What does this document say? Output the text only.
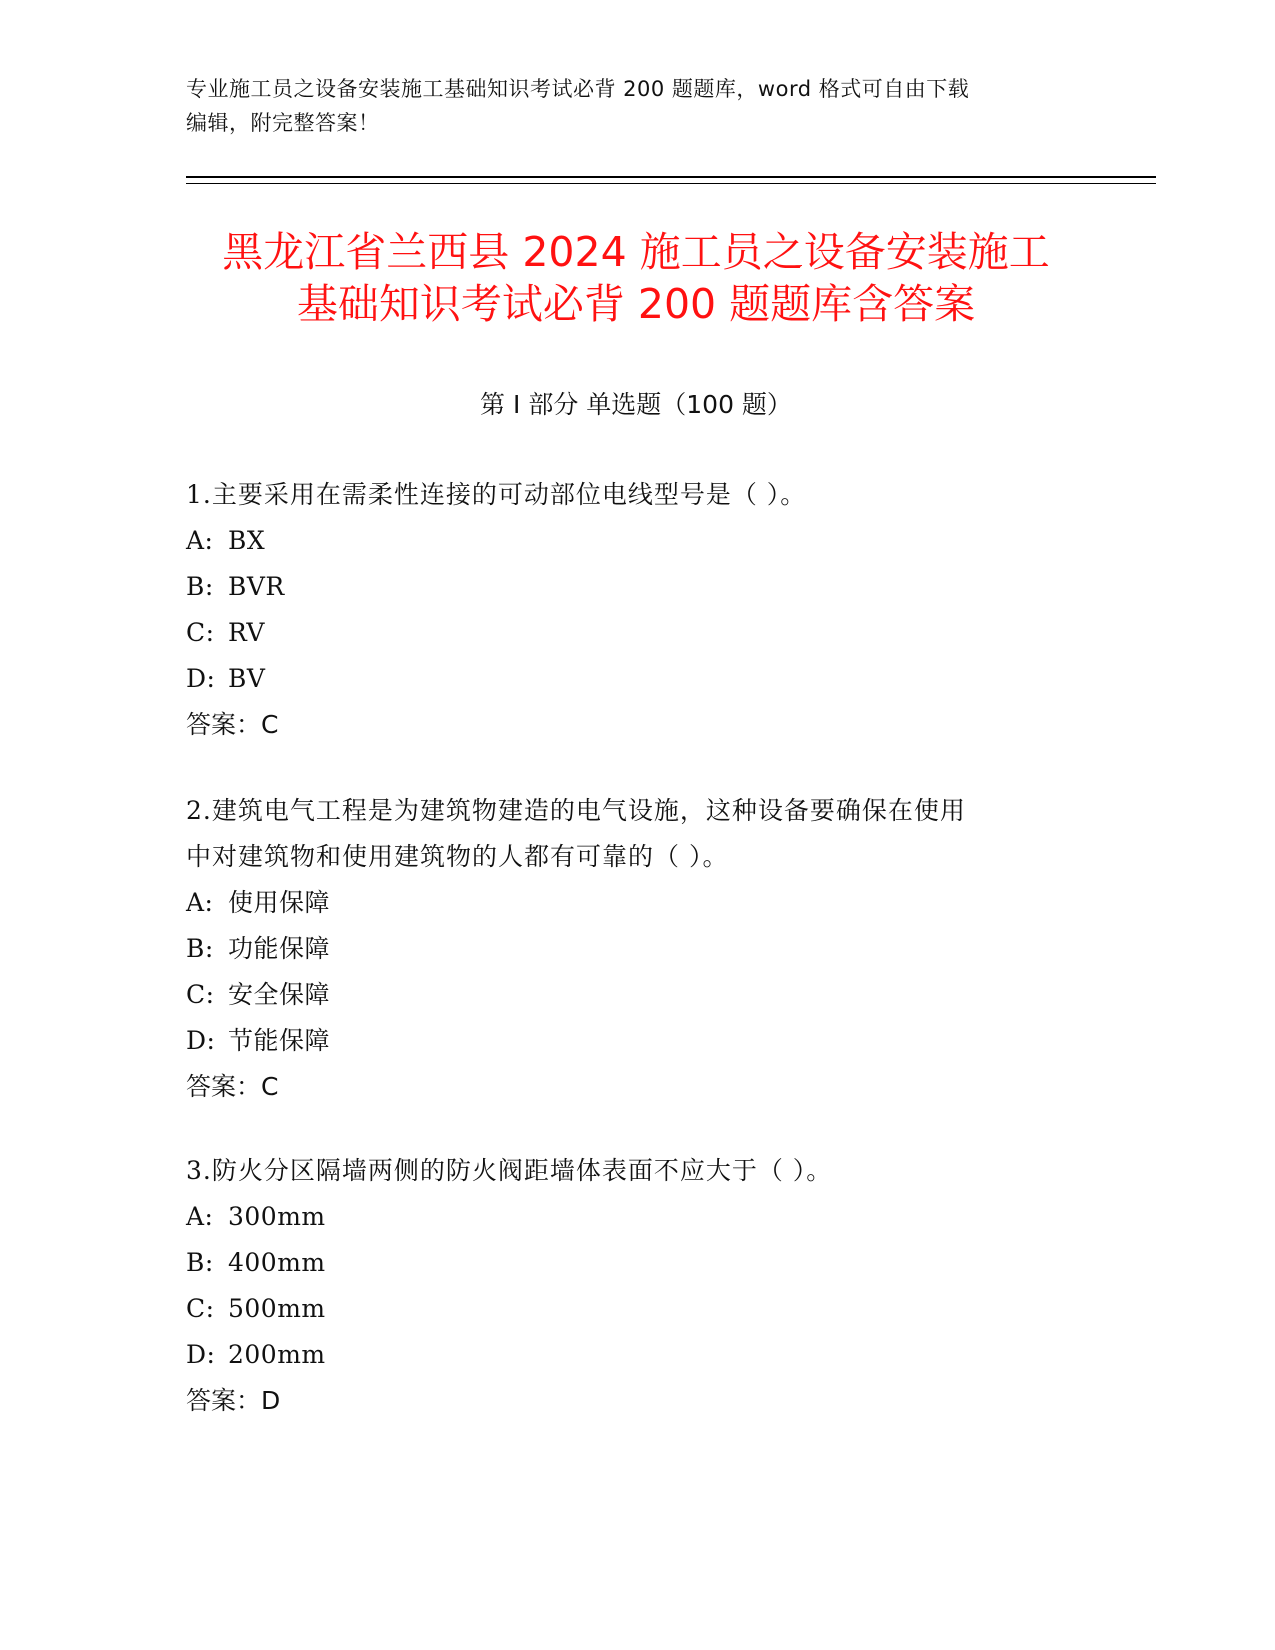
专业施工员之设备安装施工基础知识考试必背 200 题题库，word 格式可自由下载
编辑，附完整答案！
黑龙江省兰西县 2024 施工员之设备安装施工
基础知识考试必背 200 题题库含答案
第 I 部分 单选题（100 题）

1.主要采用在需柔性连接的可动部位电线型号是（ ）。

A: BX

B: BVR

C: RV

D: BV

答案：C

2.建筑电气工程是为建筑物建造的电气设施，这种设备要确保在使用

中对建筑物和使用建筑物的人都有可靠的（ ）。

A: 使用保障

B: 功能保障

C: 安全保障

D: 节能保障

答案：C

3.防火分区隔墙两侧的防火阀距墙体表面不应大于（ ）。

A: 300mm

B: 400mm

C: 500mm

D: 200mm

答案：D
